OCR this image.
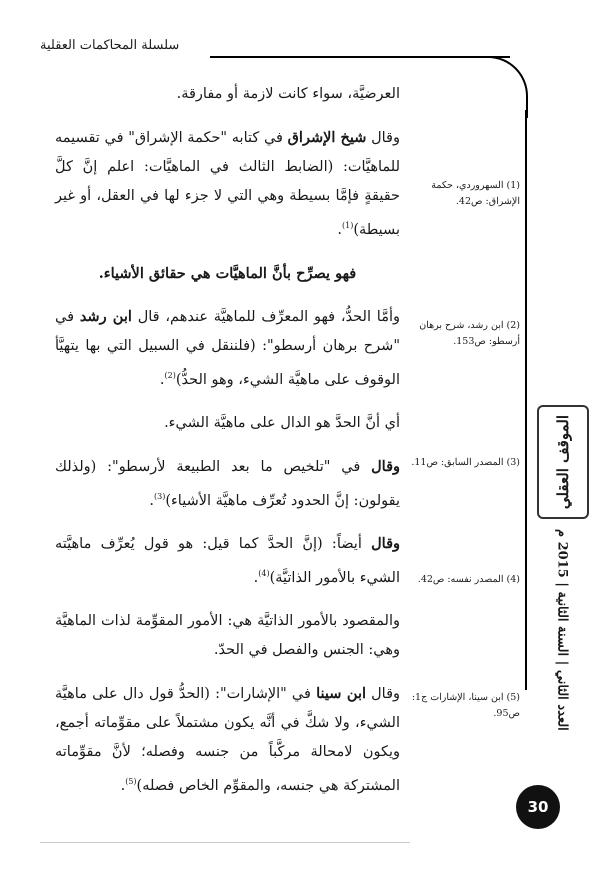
سلسلة المحاكمات العقلية

العرضيَّة، سواء كانت لازمة أو مفارقة.

وقال شيخ الإشراق في كتابه "حكمة الإشراق" في تقسيمه للماهيَّات: (الضابط الثالث في الماهيَّات: اعلم إنَّ كلَّ حقيقةٍ فإمَّا بسيطة وهي التي لا جزء لها في العقل، أو غير بسيطة)$^{(1)}$.

فهو يصرِّح بأنَّ الماهيَّات هي حقائق الأشياء.

وأمَّا الحدُّ، فهو المعرِّف للماهيَّة عندهم، قال ابن رشد في "شرح برهان أرسطو": (فلننقل في السبيل التي بها يتهيَّأ الوقوف على ماهيَّة الشيء، وهو الحدُّ)$^{(2)}$.

أي أنَّ الحدَّ هو الدال على ماهيَّة الشيء.

وقال في "تلخيص ما بعد الطبيعة لأرسطو": (ولذلك يقولون: إنَّ الحدود تُعرِّف ماهيَّة الأشياء)$^{(3)}$.

وقال أيضاً: (إنَّ الحدَّ كما قيل: هو قول يُعرِّف ماهيَّته الشيء بالأمور الذاتيَّة)$^{(4)}$.

والمقصود بالأمور الذاتيَّة هي: الأمور المقوِّمة لذات الماهيَّة وهي: الجنس والفصل في الحدّ.

وقال ابن سينا في "الإشارات": (الحدُّ قول دال على ماهيَّة الشيء، ولا شكَّ في أنَّه يكون مشتملاً على مقوِّماته أجمع، ويكون لامحالة مركَّباً من جنسه وفصله؛ لأنَّ مقوِّماته المشتركة هي جنسه، والمقوِّم الخاص فصله)$^{(5)}$.

(1) السهروردي، حكمة الإشراق: ص42.
(2) ابن رشد، شرح برهان أرسطو: ص153.
(3) المصدر السابق: ص11.
(4) المصدر نفسه: ص42.
(5) ابن سينا، الإشارات ج1: ص95.
الموقف العقلي
العدد الثاني | السنة الثانية | 2015 م
30
